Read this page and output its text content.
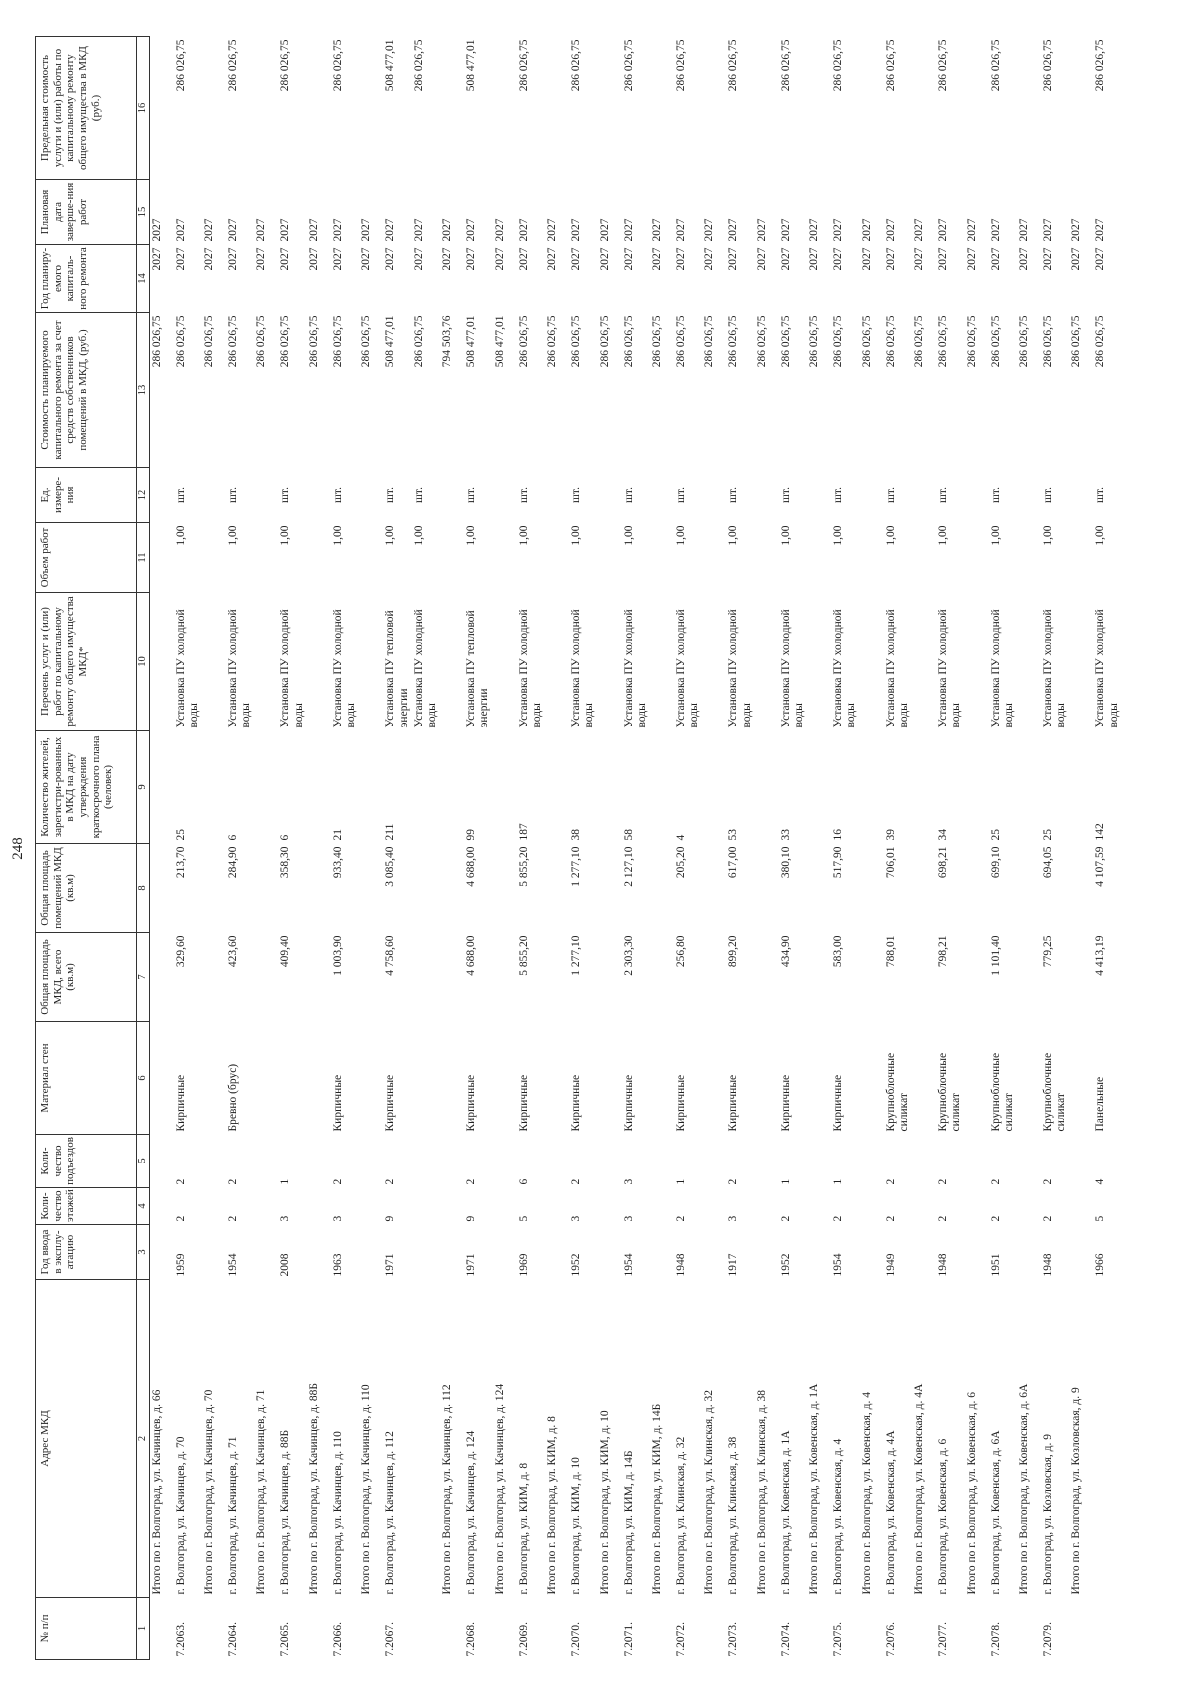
248
№ п/п	Адрес МКД	Год ввода в эксплу-атацию	Коли-чество этажей	Коли-чество подъездов	Материал стен	Общая площадь МКД, всего (кв.м)	Общая площадь помещений МКД (кв.м)	Количество жителей, зарегистри-рованных в МКД на дату утверждения краткосрочного плана (человек)	Перечень услуг и (или) работ по капитальному ремонту общего имущества МКД*	Объем работ	Ед. измере-ния	Стоимость планируемого капитального ремонта за счет средств собственников помещений в МКД, (руб.)	Год планиру-емого капиталь-ного ремонта	Плановая дата заверше-ния работ	Предельная стоимость услуги и (или) работы по капитальному ремонту общего имущества в МКД (руб.)
1	2	3	4	5	6	7	8	9	10	11	12	13	14	15	16
	Итого по г. Волгоград, ул. Качинцев, д. 66											286 026,75	2027	2027	
7.2063.	г. Волгоград, ул. Качинцев, д. 70	1959	2	2	Кирпичные	329,60	213,70	25	Установка ПУ холодной воды	1,00	шт.	286 026,75	2027	2027	286 026,75
	Итого по г. Волгоград, ул. Качинцев, д. 70											286 026,75	2027	2027	
7.2064.	г. Волгоград, ул. Качинцев, д. 71	1954	2	2	Бревно (брус)	423,60	284,90	6	Установка ПУ холодной воды	1,00	шт.	286 026,75	2027	2027	286 026,75
	Итого по г. Волгоград, ул. Качинцев, д. 71											286 026,75	2027	2027	
7.2065.	г. Волгоград, ул. Качинцев, д. 88Б	2008	3	1		409,40	358,30	6	Установка ПУ холодной воды	1,00	шт.	286 026,75	2027	2027	286 026,75
	Итого по г. Волгоград, ул. Качинцев, д. 88Б											286 026,75	2027	2027	
7.2066.	г. Волгоград, ул. Качинцев, д. 110	1963	3	2	Кирпичные	1 003,90	933,40	21	Установка ПУ холодной воды	1,00	шт.	286 026,75	2027	2027	286 026,75
	Итого по г. Волгоград, ул. Качинцев, д. 110											286 026,75	2027	2027	
7.2067.	г. Волгоград, ул. Качинцев, д. 112	1971	9	2	Кирпичные	4 758,60	3 085,40	211	Установка ПУ тепловой энергии	1,00	шт.	508 477,01	2027	2027	508 477,01
									Установка ПУ холодной воды	1,00	шт.	286 026,75	2027	2027	286 026,75
	Итого по г. Волгоград, ул. Качинцев, д. 112											794 503,76	2027	2027	
7.2068.	г. Волгоград, ул. Качинцев, д. 124	1971	9	2	Кирпичные	4 688,00	4 688,00	99	Установка ПУ тепловой энергии	1,00	шт.	508 477,01	2027	2027	508 477,01
	Итого по г. Волгоград, ул. Качинцев, д. 124											508 477,01	2027	2027	
7.2069.	г. Волгоград, ул. КИМ, д. 8	1969	5	6	Кирпичные	5 855,20	5 855,20	187	Установка ПУ холодной воды	1,00	шт.	286 026,75	2027	2027	286 026,75
	Итого по г. Волгоград, ул. КИМ, д. 8											286 026,75	2027	2027	
7.2070.	г. Волгоград, ул. КИМ, д. 10	1952	3	2	Кирпичные	1 277,10	1 277,10	38	Установка ПУ холодной воды	1,00	шт.	286 026,75	2027	2027	286 026,75
	Итого по г. Волгоград, ул. КИМ, д. 10											286 026,75	2027	2027	
7.2071.	г. Волгоград, ул. КИМ, д. 14Б	1954	3	3	Кирпичные	2 303,30	2 127,10	58	Установка ПУ холодной воды	1,00	шт.	286 026,75	2027	2027	286 026,75
	Итого по г. Волгоград, ул. КИМ, д. 14Б											286 026,75	2027	2027	
7.2072.	г. Волгоград, ул. Клинская, д. 32	1948	2	1	Кирпичные	256,80	205,20	4	Установка ПУ холодной воды	1,00	шт.	286 026,75	2027	2027	286 026,75
	Итого по г. Волгоград, ул. Клинская, д. 32											286 026,75	2027	2027	
7.2073.	г. Волгоград, ул. Клинская, д. 38	1917	3	2	Кирпичные	899,20	617,00	53	Установка ПУ холодной воды	1,00	шт.	286 026,75	2027	2027	286 026,75
	Итого по г. Волгоград, ул. Клинская, д. 38											286 026,75	2027	2027	
7.2074.	г. Волгоград, ул. Ковенская, д. 1А	1952	2	1	Кирпичные	434,90	380,10	33	Установка ПУ холодной воды	1,00	шт.	286 026,75	2027	2027	286 026,75
	Итого по г. Волгоград, ул. Ковенская, д. 1А											286 026,75	2027	2027	
7.2075.	г. Волгоград, ул. Ковенская, д. 4	1954	2	1	Кирпичные	583,00	517,90	16	Установка ПУ холодной воды	1,00	шт.	286 026,75	2027	2027	286 026,75
	Итого по г. Волгоград, ул. Ковенская, д. 4											286 026,75	2027	2027	
7.2076.	г. Волгоград, ул. Ковенская, д. 4А	1949	2	2	Крупноблочные силикат	788,01	706,01	39	Установка ПУ холодной воды	1,00	шт.	286 026,75	2027	2027	286 026,75
	Итого по г. Волгоград, ул. Ковенская, д. 4А											286 026,75	2027	2027	
7.2077.	г. Волгоград, ул. Ковенская, д. 6	1948	2	2	Крупноблочные силикат	798,21	698,21	34	Установка ПУ холодной воды	1,00	шт.	286 026,75	2027	2027	286 026,75
	Итого по г. Волгоград, ул. Ковенская, д. 6											286 026,75	2027	2027	
7.2078.	г. Волгоград, ул. Ковенская, д. 6А	1951	2	2	Крупноблочные силикат	1 101,40	699,10	25	Установка ПУ холодной воды	1,00	шт.	286 026,75	2027	2027	286 026,75
	Итого по г. Волгоград, ул. Ковенская, д. 6А											286 026,75	2027	2027	
7.2079.	г. Волгоград, ул. Козловская, д. 9	1948	2	2	Крупноблочные силикат	779,25	694,05	25	Установка ПУ холодной воды	1,00	шт.	286 026,75	2027	2027	286 026,75
	Итого по г. Волгоград, ул. Козловская, д. 9											286 026,75	2027	2027	
		1966	5	4	Панельные	4 413,19	4 107,59	142	Установка ПУ холодной воды	1,00	шт.	286 026,75	2027	2027	286 026,75
